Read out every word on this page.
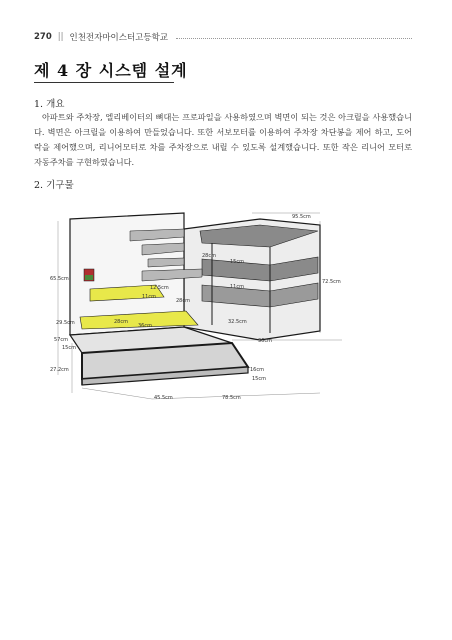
270 || 인천전자마이스터고등학교
제 4 장 시스템 설계
1. 개요

아파트와 주차장, 엘리베이터의 뼈대는 프로파일을 사용하였으며 벽면이 되는 것은 아크릴을 사용했습니다. 벽면은 아크릴을 이용하여 만들었습니다. 또한 서보모터를 이용하여 주차장 차단봉을 제어 하고, 도어락을 제어했으며, 리니어모터로 차를 주차장으로 내릴 수 있도록 설계했습니다. 또한 작은 리니어 모터로 자동주차를 구현하였습니다.

2. 기구물
95.5cm
72.5cm
65.5cm
29.5cm
57cm
27.2cm
15cm
15cm
11cm
12.5cm
28cm
28cm
28cm
11cm
32.5cm
36cm
36cm
16cm
15cm
45.5cm	78.5cm
